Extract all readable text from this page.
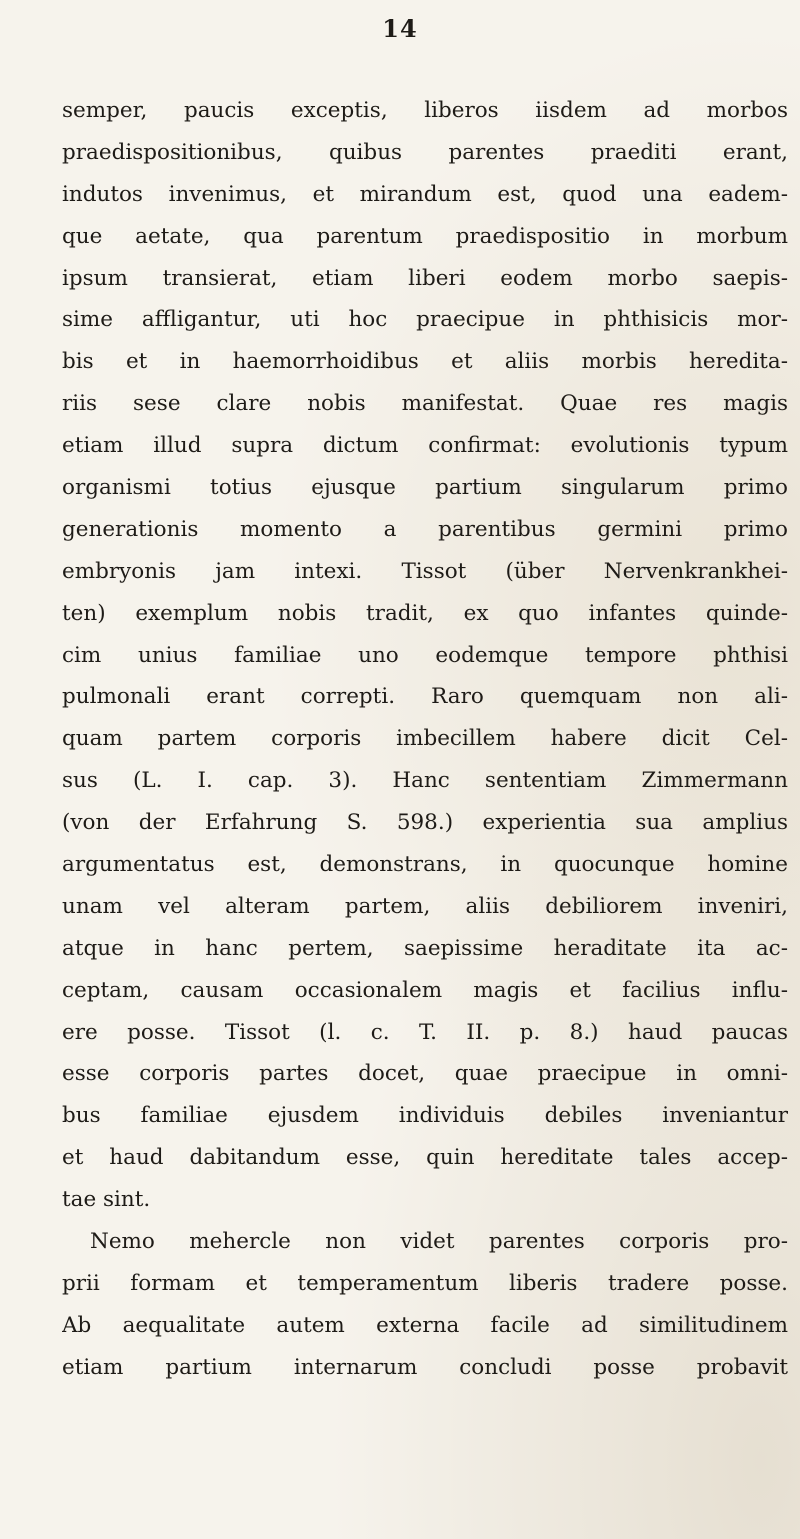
14
semper, paucis exceptis, liberos iisdem ad morbos
praedispositionibus, quibus parentes praediti erant,
indutos invenimus, et mirandum est, quod una eadem-
que aetate, qua parentum praedispositio in morbum
ipsum transierat, etiam liberi eodem morbo saepis-
sime affligantur, uti hoc praecipue in phthisicis mor-
bis et in haemorrhoidibus et aliis morbis heredita-
riis sese clare nobis manifestat. Quae res magis
etiam illud supra dictum confirmat: evolutionis typum
organismi totius ejusque partium singularum primo
generationis momento a parentibus germini primo
embryonis jam intexi. Tissot (über Nervenkrankhei-
ten) exemplum nobis tradit, ex quo infantes quinde-
cim unius familiae uno eodemque tempore phthisi
pulmonali erant correpti. Raro quemquam non ali-
quam partem corporis imbecillem habere dicit Cel-
sus (L. I. cap. 3). Hanc sententiam Zimmermann
(von der Erfahrung S. 598.) experientia sua amplius
argumentatus est, demonstrans, in quocunque homine
unam vel alteram partem, aliis debiliorem inveniri,
atque in hanc pertem, saepissime heraditate ita ac-
ceptam, causam occasionalem magis et facilius influ-
ere posse. Tissot (l. c. T. II. p. 8.) haud paucas
esse corporis partes docet, quae praecipue in omni-
bus familiae ejusdem individuis debiles inveniantur
et haud dabitandum esse, quin hereditate tales accep-
tae sint.
Nemo mehercle non videt parentes corporis pro-
prii formam et temperamentum liberis tradere posse.
Ab aequalitate autem externa facile ad similitudinem
etiam partium internarum concludi posse probavit
